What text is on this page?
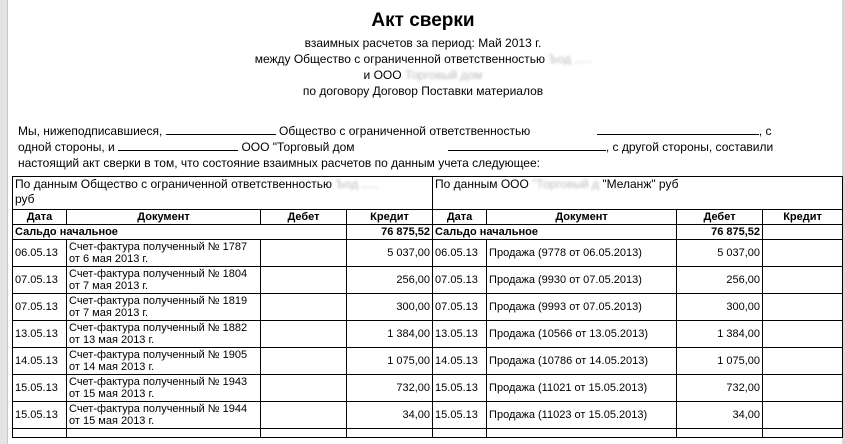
Акт сверки
взаимных расчетов за период: Май 2013 г.
между Общество с ограниченной ответственностью Ъод .....
и ООО Торговый дом
по договору Договор Поставки материалов
Мы, нижеподписавшиеся,	Общество с ограниченной ответственностью	, с
одной стороны, и	ООО "Торговый дом	, с другой стороны, составили
настоящий акт сверки в том, что состояние взаимных расчетов по данным учета следующее:
По данным Общество с ограниченной ответственностью Ъод .....
руб				По данным ООО "Торговый д "Меланж" руб			
Дата	Документ	Дебет	Кредит	Дата	Документ	Дебет	Кредит
Сальдо начальное			76 875,52	Сальдо начальное		76 875,52	
06.05.13	Счет-фактура полученный № 1787 от 6 мая 2013 г.		5 037,00	06.05.13	Продажа (9778 от 06.05.2013)	5 037,00	
07.05.13	Счет-фактура полученный № 1804 от 7 мая 2013 г.		256,00	07.05.13	Продажа (9930 от 07.05.2013)	256,00	
07.05.13	Счет-фактура полученный № 1819 от 7 мая 2013 г.		300,00	07.05.13	Продажа (9993 от 07.05.2013)	300,00	
13.05.13	Счет-фактура полученный № 1882 от 13 мая 2013 г.		1 384,00	13.05.13	Продажа (10566 от 13.05.2013)	1 384,00	
14.05.13	Счет-фактура полученный № 1905 от 14 мая 2013 г.		1 075,00	14.05.13	Продажа (10786 от 14.05.2013)	1 075,00	
15.05.13	Счет-фактура полученный № 1943 от 15 мая 2013 г.		732,00	15.05.13	Продажа (11021 от 15.05.2013)	732,00	
15.05.13	Счет-фактура полученный № 1944 от 15 мая 2013 г.		34,00	15.05.13	Продажа (11023 от 15.05.2013)	34,00	
